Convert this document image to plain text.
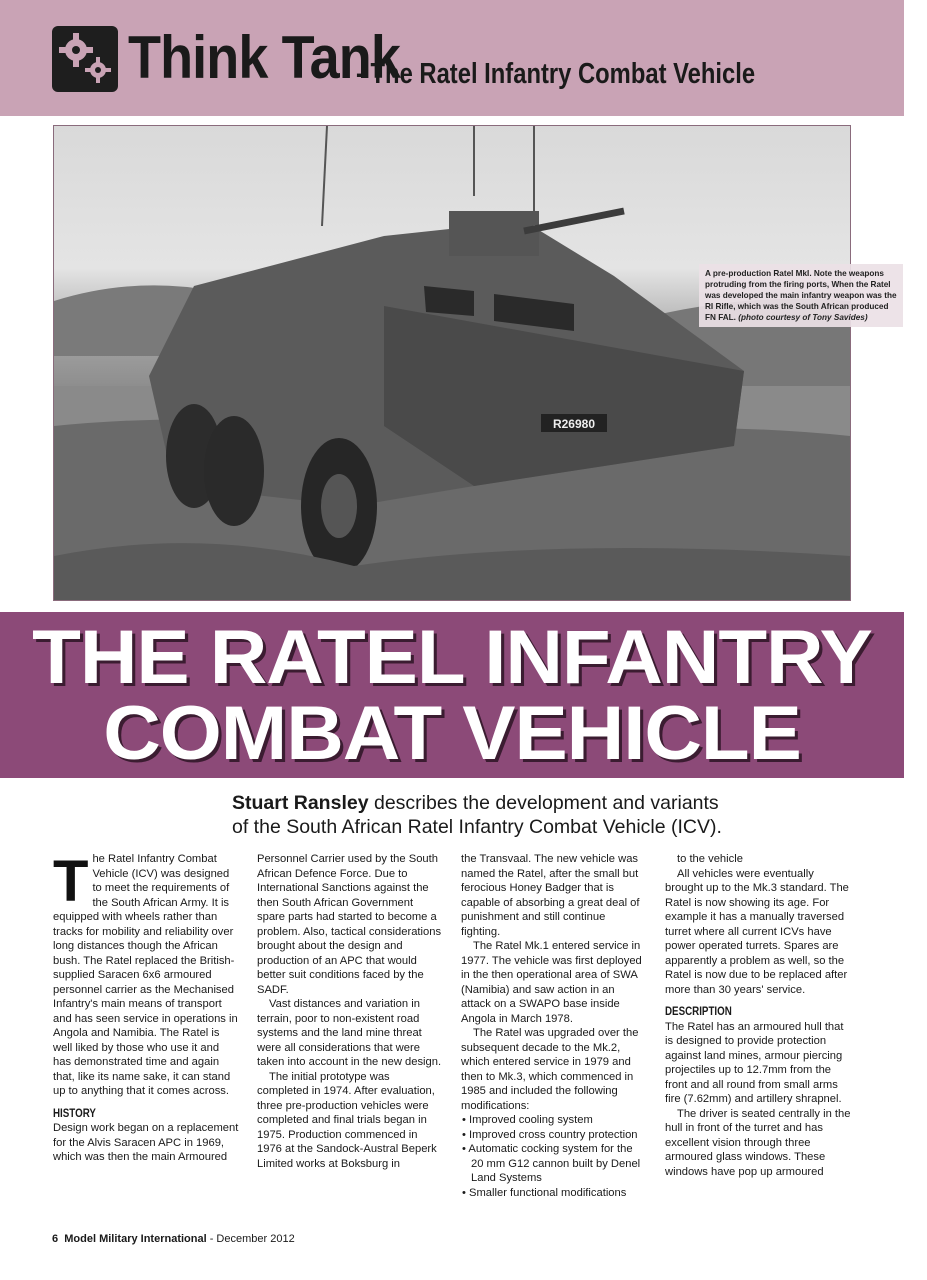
Think Tank
- The Ratel Infantry Combat Vehicle
R26980
A pre-production Ratel MkI. Note the weapons protruding from the firing ports, When the Ratel was developed the main infantry weapon was the RI Rifle, which was the South African produced FN FAL. (photo courtesy of Tony Savides)
THE RATEL INFANTRY
COMBAT VEHICLE
Stuart Ransley describes the development and variants
of the South African Ratel Infantry Combat Vehicle (ICV).

The Ratel Infantry Combat Vehicle (ICV) was designed to meet the requirements of the South African Army. It is equipped with wheels rather than tracks for mobility and reliability over long distances though the African bush. The Ratel replaced the British-supplied Saracen 6x6 armoured personnel carrier as the Mechanised Infantry's main means of transport and has seen service in operations in Angola and Namibia. The Ratel is well liked by those who use it and has demonstrated time and again that, like its name sake, it can stand up to anything that it comes across.

HISTORY

Design work began on a replacement for the Alvis Saracen APC in 1969, which was then the main Armoured

Personnel Carrier used by the South African Defence Force. Due to International Sanctions against the then South African Government spare parts had started to become a problem. Also, tactical considerations brought about the design and production of an APC that would better suit conditions faced by the SADF.

Vast distances and variation in terrain, poor to non-existent road systems and the land mine threat were all considerations that were taken into account in the new design.

The initial prototype was completed in 1974. After evaluation, three pre-production vehicles were completed and final trials began in 1975. Production commenced in 1976 at the Sandock-Austral Beperk Limited works at Boksburg in

the Transvaal. The new vehicle was named the Ratel, after the small but ferocious Honey Badger that is capable of absorbing a great deal of punishment and still continue fighting.

The Ratel Mk.1 entered service in 1977. The vehicle was first deployed in the then operational area of SWA (Namibia) and saw action in an attack on a SWAPO base inside Angola in March 1978.

The Ratel was upgraded over the subsequent decade to the Mk.2, which entered service in 1979 and then to Mk.3, which commenced in 1985 and included the following modifications:

• Improved cooling system
• Improved cross country protection
• Automatic cocking system for the 20 mm G12 cannon built by Denel Land Systems
• Smaller functional modifications

to the vehicle

All vehicles were eventually brought up to the Mk.3 standard. The Ratel is now showing its age. For example it has a manually traversed turret where all current ICVs have power operated turrets. Spares are apparently a problem as well, so the Ratel is now due to be replaced after more than 30 years' service.

DESCRIPTION

The Ratel has an armoured hull that is designed to provide protection against land mines, armour piercing projectiles up to 12.7mm from the front and all round from small arms fire (7.62mm) and artillery shrapnel.

The driver is seated centrally in the hull in front of the turret and has excellent vision through three armoured glass windows. These windows have pop up armoured

6 Model Military International - December 2012
